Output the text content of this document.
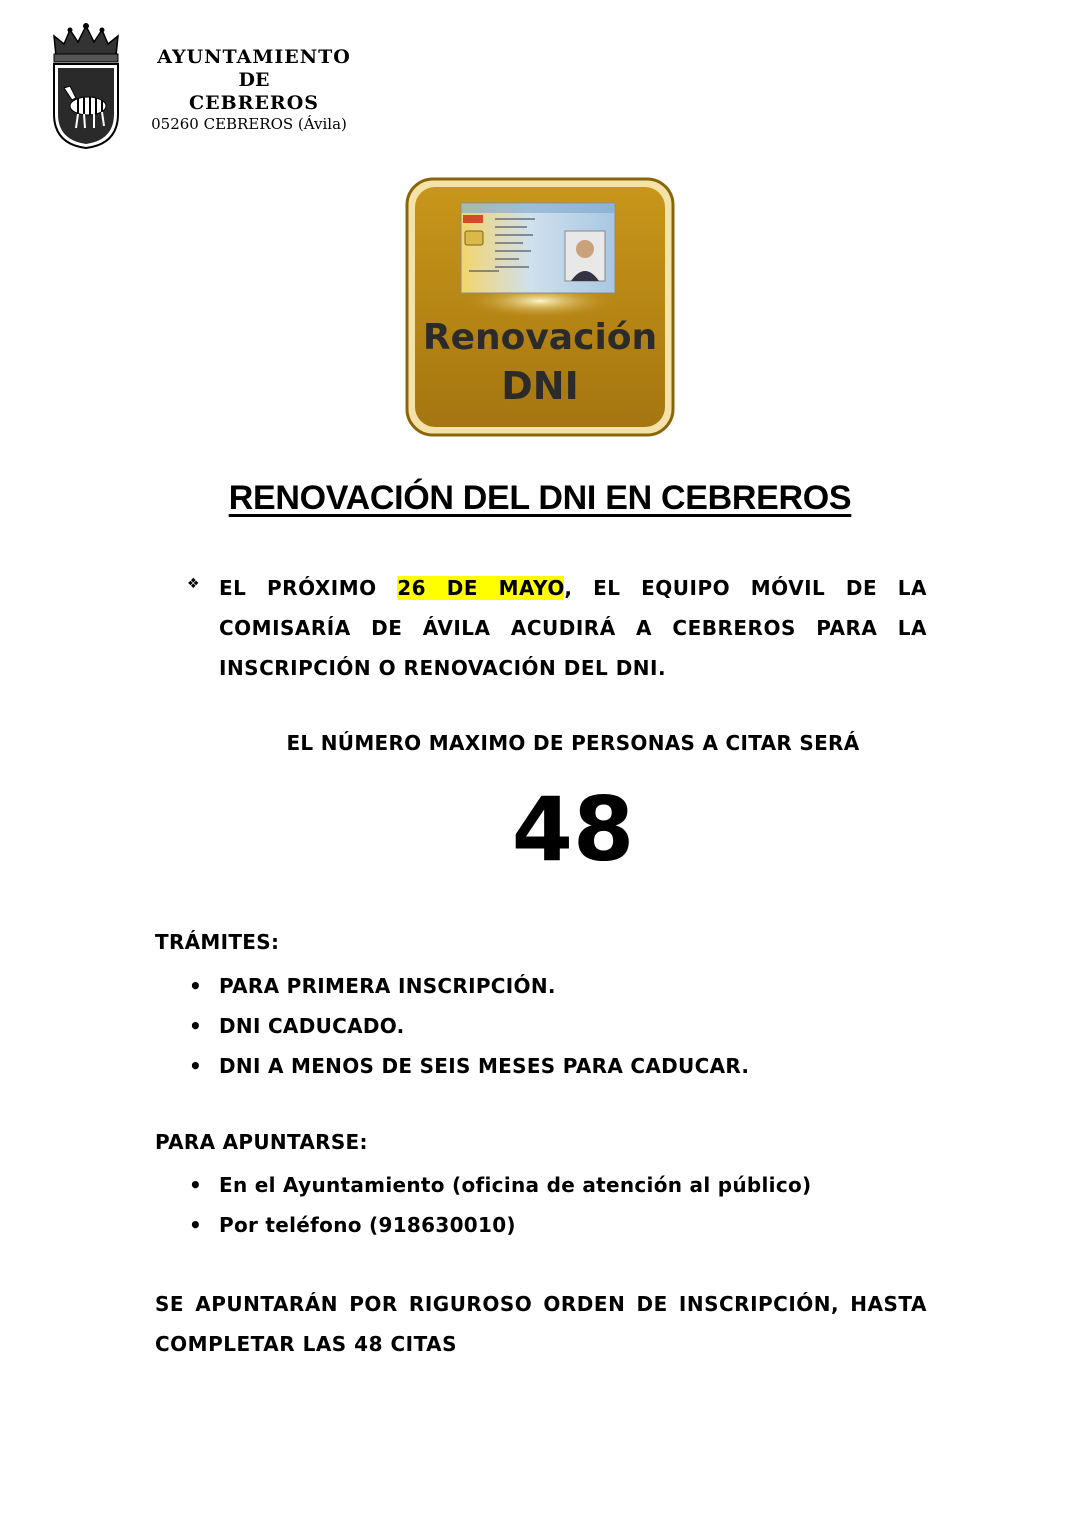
AYUNTAMIENTO
DE
CEBREROS
05260 CEBREROS (Ávila)
Renovación
DNI
RENOVACIÓN DEL DNI EN CEBREROS
❖ EL PRÓXIMO 26 DE MAYO, EL EQUIPO MÓVIL DE LA COMISARÍA DE ÁVILA ACUDIRÁ A CEBREROS PARA LA INSCRIPCIÓN O RENOVACIÓN DEL DNI.

EL NÚMERO MAXIMO DE PERSONAS A CITAR SERÁ
48
TRÁMITES:
• PARA PRIMERA INSCRIPCIÓN.
• DNI CADUCADO.
• DNI A MENOS DE SEIS MESES PARA CADUCAR.
PARA APUNTARSE:
• En el Ayuntamiento (oficina de atención al público)
• Por teléfono (918630010)

SE APUNTARÁN POR RIGUROSO ORDEN DE INSCRIPCIÓN, HASTA COMPLETAR LAS 48 CITAS
